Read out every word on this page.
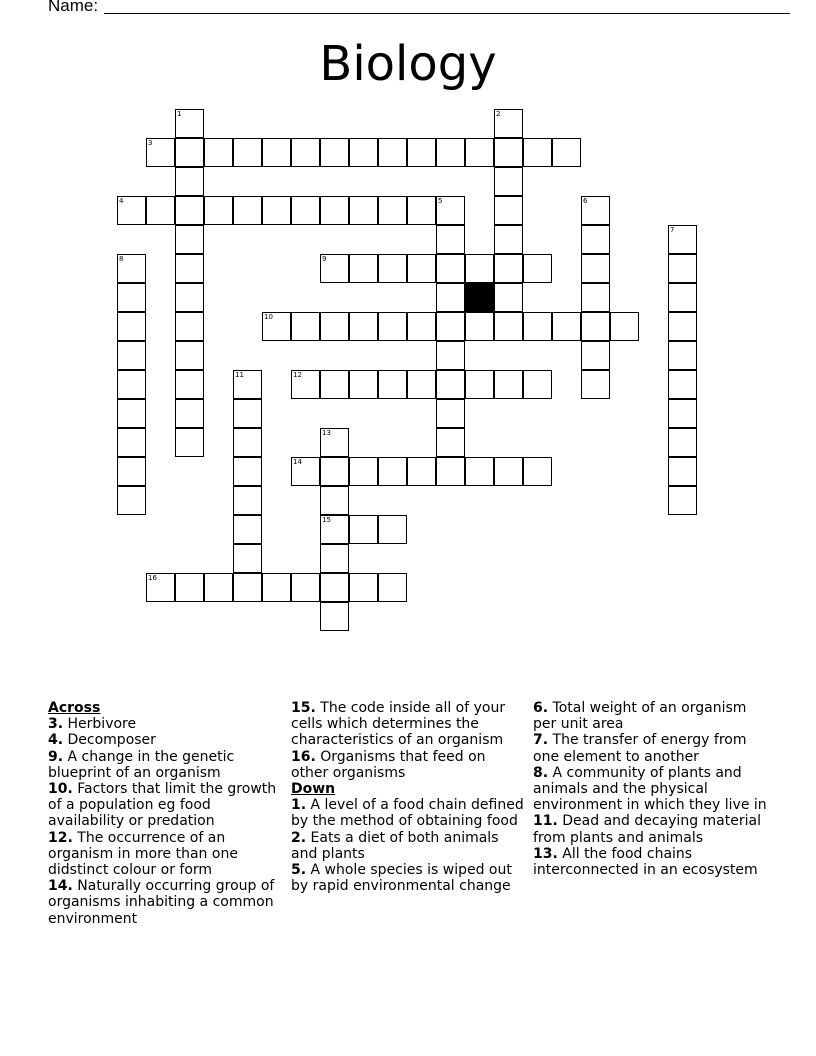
Name:
Biology
1	2
3
4	5	6
7
8	9
10
11	12
13
14
15
16
Across
3. Herbivore
4. Decomposer
9. A change in the genetic blueprint of an organism
10. Factors that limit the growth of a population eg food availability or predation
12. The occurrence of an organism in more than one didstinct colour or form
14. Naturally occurring group of organisms inhabiting a common environment
15. The code inside all of your cells which determines the characteristics of an organism
16. Organisms that feed on other organisms
Down
1. A level of a food chain defined by the method of obtaining food
2. Eats a diet of both animals and plants
5. A whole species is wiped out by rapid environmental change
6. Total weight of an organism per unit area
7. The transfer of energy from one element to another
8. A community of plants and animals and the physical environment in which they live in
11. Dead and decaying material from plants and animals
13. All the food chains interconnected in an ecosystem
